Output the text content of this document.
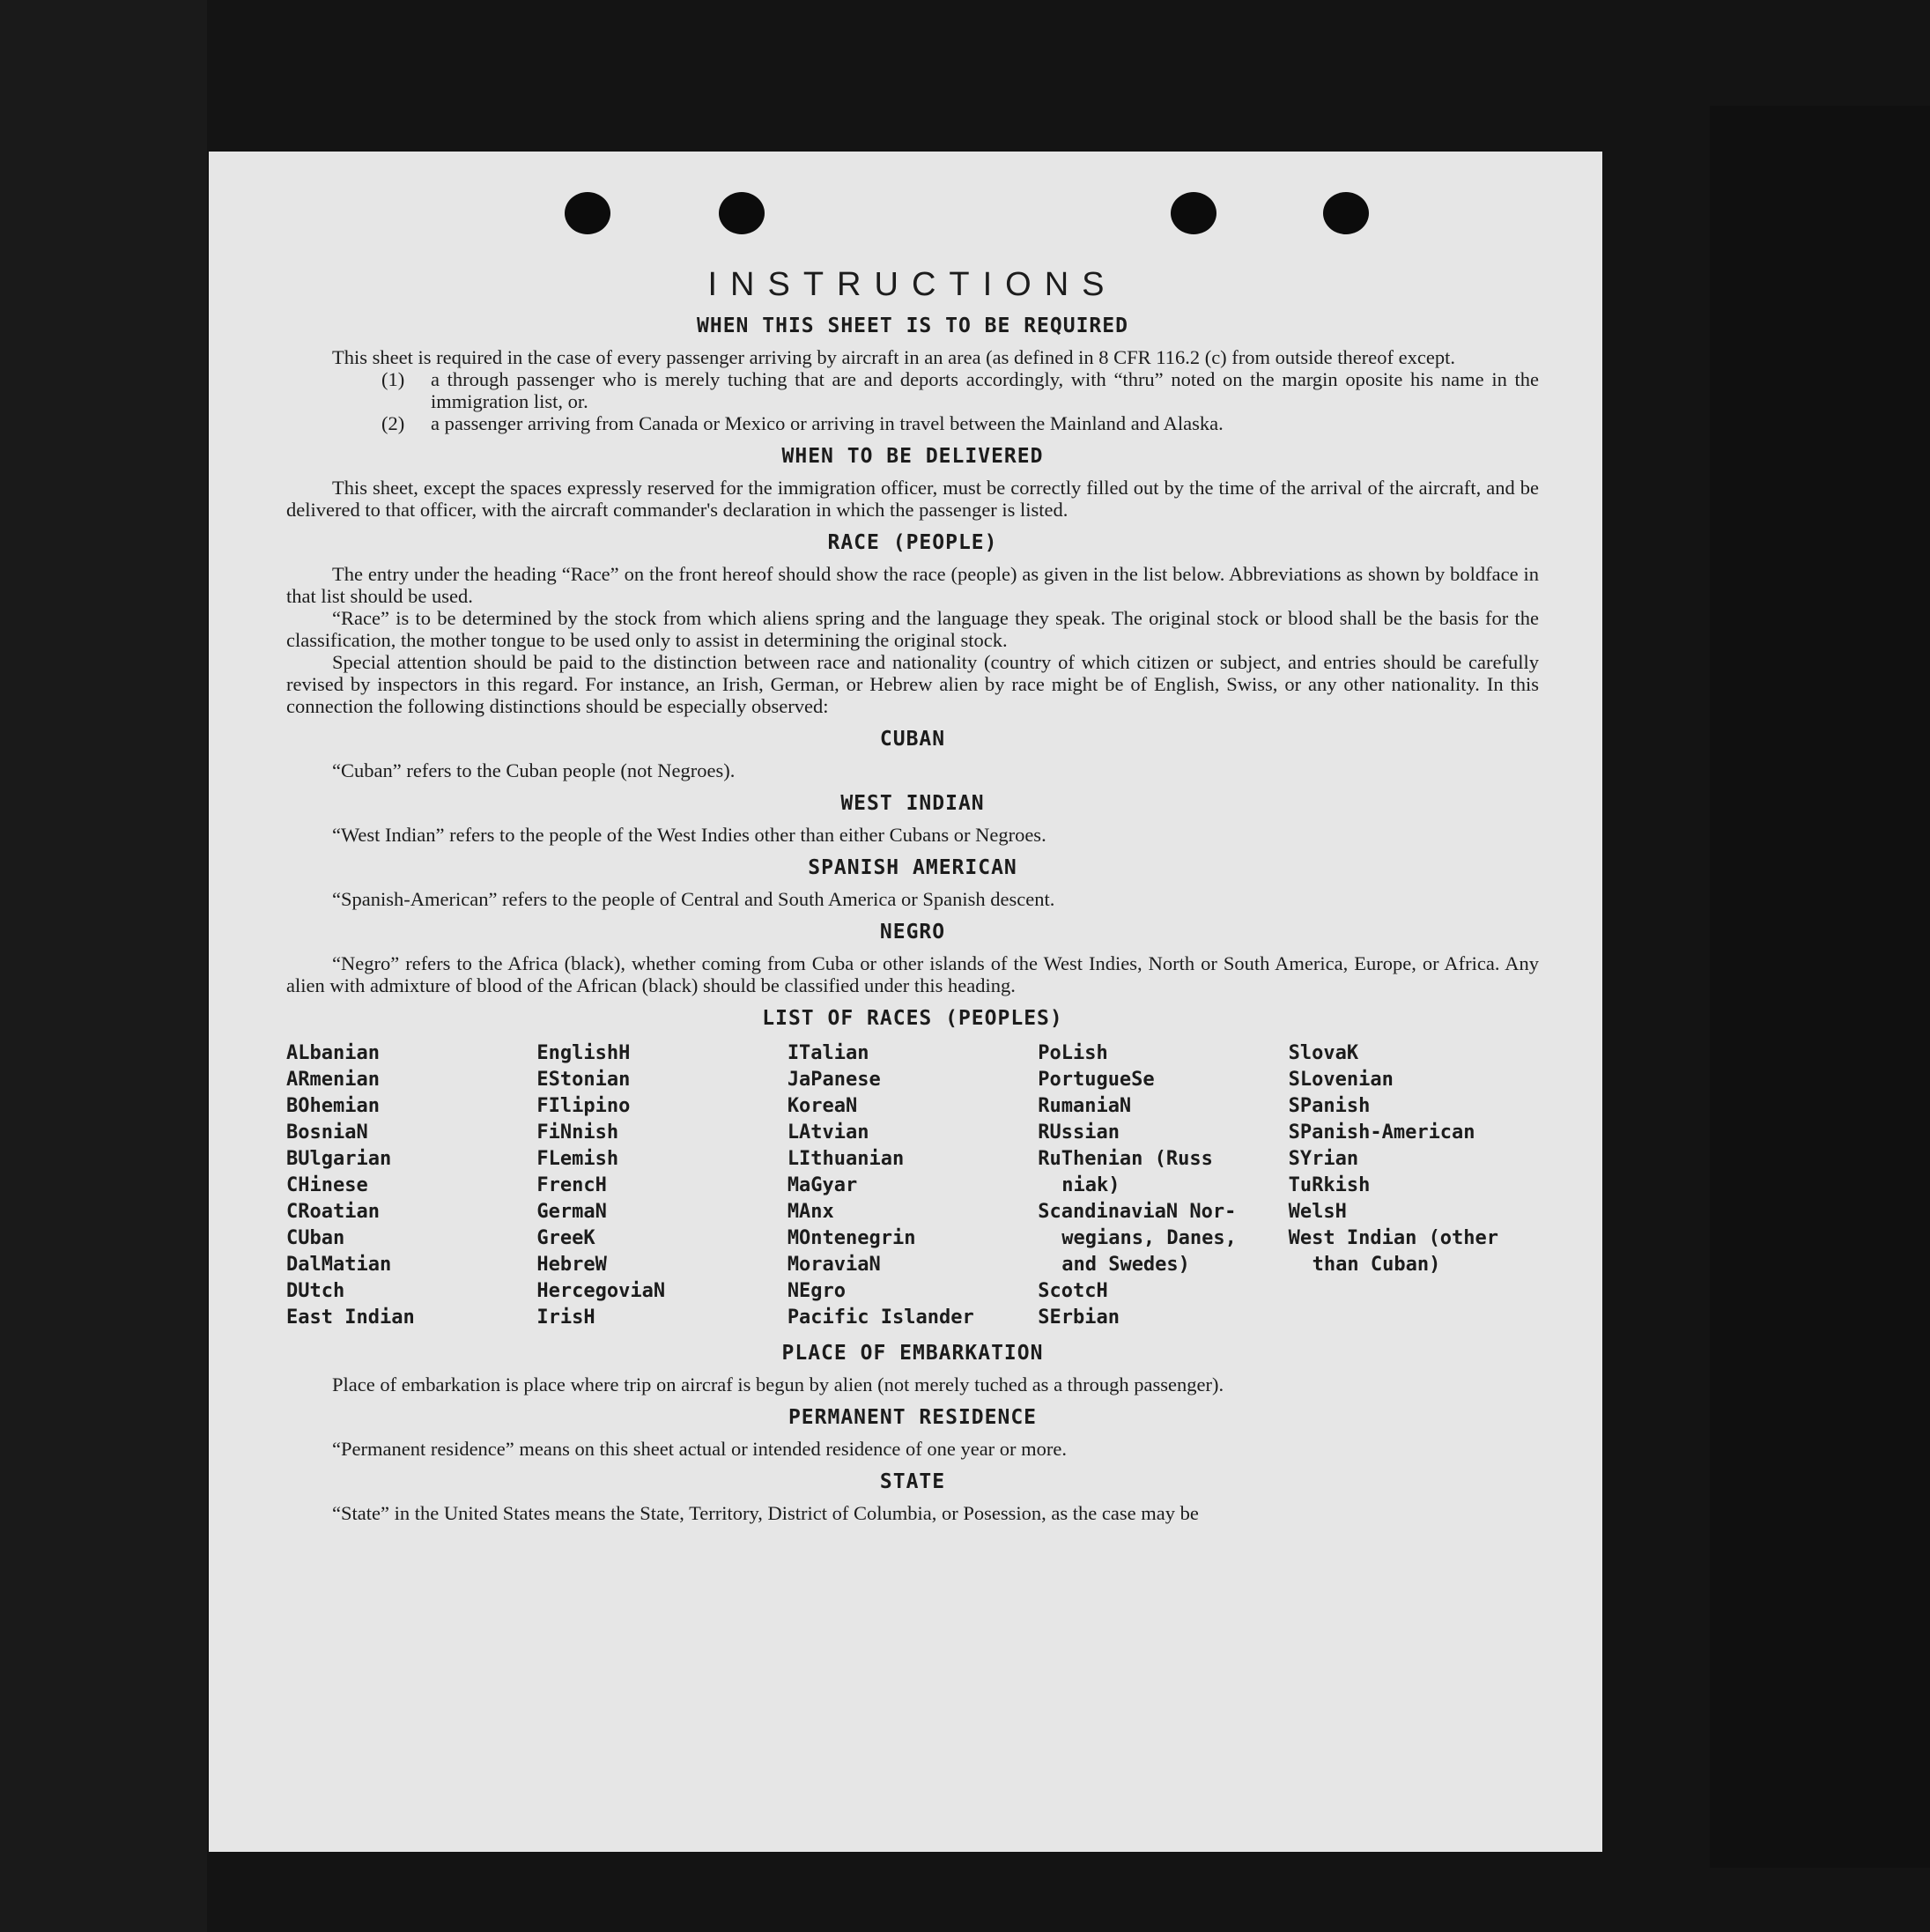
INSTRUCTIONS
WHEN THIS SHEET IS TO BE REQUIRED

This sheet is required in the case of every passenger arriving by aircraft in an area (as defined in 8 CFR 116.2 (c) from outside thereof except.

(1)	a through passenger who is merely tuching that are and deports accordingly, with “thru” noted on the margin oposite his name in the immigration list, or.
(2)	a passenger arriving from Canada or Mexico or arriving in travel between the Mainland and Alaska.
WHEN TO BE DELIVERED

This sheet, except the spaces expressly reserved for the immigration officer, must be correctly filled out by the time of the arrival of the aircraft, and be delivered to that officer, with the aircraft commander's declaration in which the passenger is listed.

RACE (PEOPLE)

The entry under the heading “Race” on the front hereof should show the race (people) as given in the list below. Abbreviations as shown by boldface in that list should be used.

“Race” is to be determined by the stock from which aliens spring and the language they speak. The original stock or blood shall be the basis for the classification, the mother tongue to be used only to assist in determining the original stock.

Special attention should be paid to the distinction between race and nationality (country of which citizen or subject, and entries should be carefully revised by inspectors in this regard. For instance, an Irish, German, or Hebrew alien by race might be of English, Swiss, or any other nationality. In this connection the following distinctions should be especially observed:

CUBAN

“Cuban” refers to the Cuban people (not Negroes).

WEST INDIAN

“West Indian” refers to the people of the West Indies other than either Cubans or Negroes.

SPANISH AMERICAN

“Spanish-American” refers to the people of Central and South America or Spanish descent.

NEGRO

“Negro” refers to the Africa (black), whether coming from Cuba or other islands of the West Indies, North or South America, Europe, or Africa. Any alien with admixture of blood of the African (black) should be classified under this heading.

LIST OF RACES (PEOPLES)
ALbanian
ARmenian
BOhemian
BosniaN
BUlgarian
CHinese
CRoatian
CUban
DalMatian
DUtch
East Indian
EnglishH
EStonian
FIlipino
FiNnish
FLemish
FrencH
GermaN
GreeK
HebreW
HercegoviaN
IrisH
ITalian
JaPanese
KoreaN
LAtvian
LIthuanian
MaGyar
MAnx
MOntenegrin
MoraviaN
NEgro
Pacific Islander
PoLish
PortugueSe
RumaniaN
RUssian
RuThenian (Russ
niak)
ScandinaviaN Nor-
wegians, Danes,
and Swedes)
ScotcH
SErbian
SlovaK
SLovenian
SPanish
SPanish-American
SYrian
TuRkish
WelsH
West Indian (other
than Cuban)
PLACE OF EMBARKATION

Place of embarkation is place where trip on aircraf is begun by alien (not merely tuched as a through passenger).

PERMANENT RESIDENCE

“Permanent residence” means on this sheet actual or intended residence of one year or more.

STATE

“State” in the United States means the State, Territory, District of Columbia, or Posession, as the case may be
